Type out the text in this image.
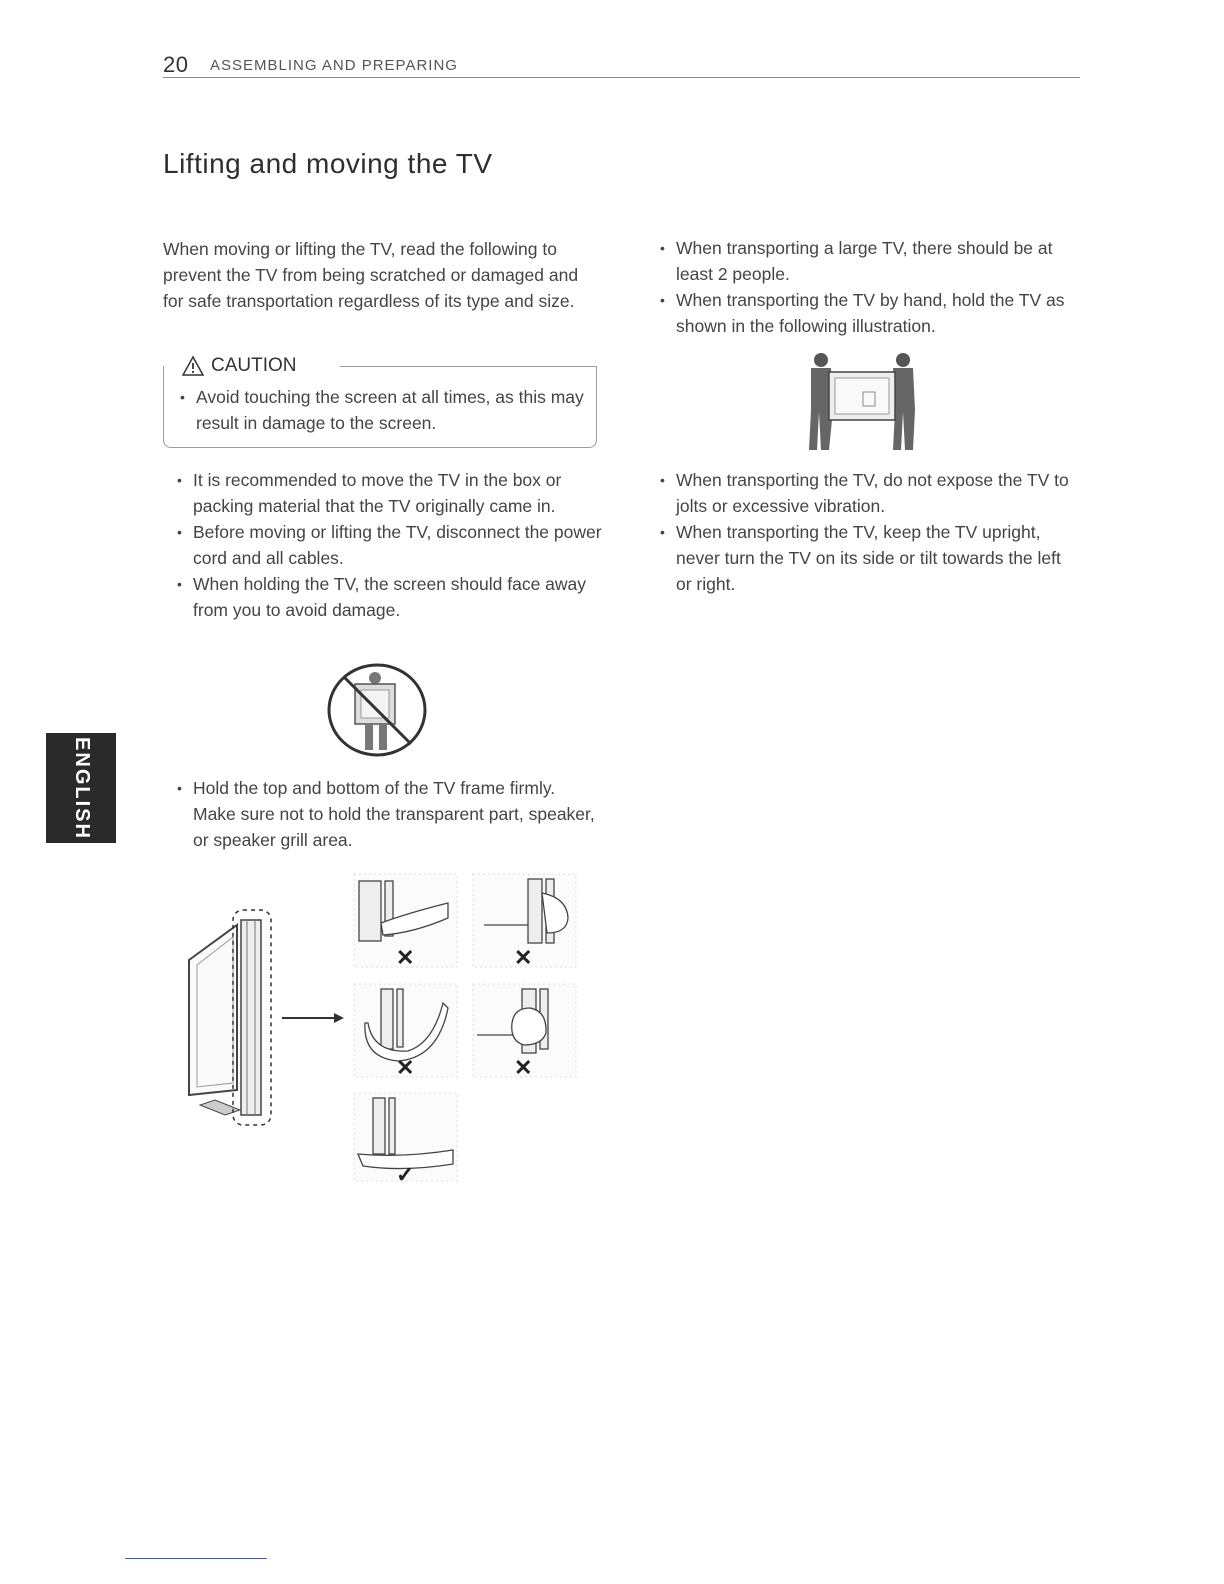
20 ASSEMBLING AND PREPARING
Lifting and moving the TV
When moving or lifting the TV, read the following to prevent the TV from being scratched or damaged and for safe transportation regardless of its type and size.
CAUTION
• Avoid touching the screen at all times, as this may result in damage to the screen.
• It is recommended to move the TV in the box or packing material that the TV originally came in.
• Before moving or lifting the TV, disconnect the power cord and all cables.
• When holding the TV, the screen should face away from you to avoid damage.
• Hold the top and bottom of the TV frame firmly. Make sure not to hold the transparent part, speaker, or speaker grill area.
✕	✕
✕	✕
✓
• When transporting a large TV, there should be at least 2 people.
• When transporting the TV by hand, hold the TV as shown in the following illustration.
• When transporting the TV, do not expose the TV to jolts or excessive vibration.
• When transporting the TV, keep the TV upright, never turn the TV on its side or tilt towards the left or right.
ENGLISH
